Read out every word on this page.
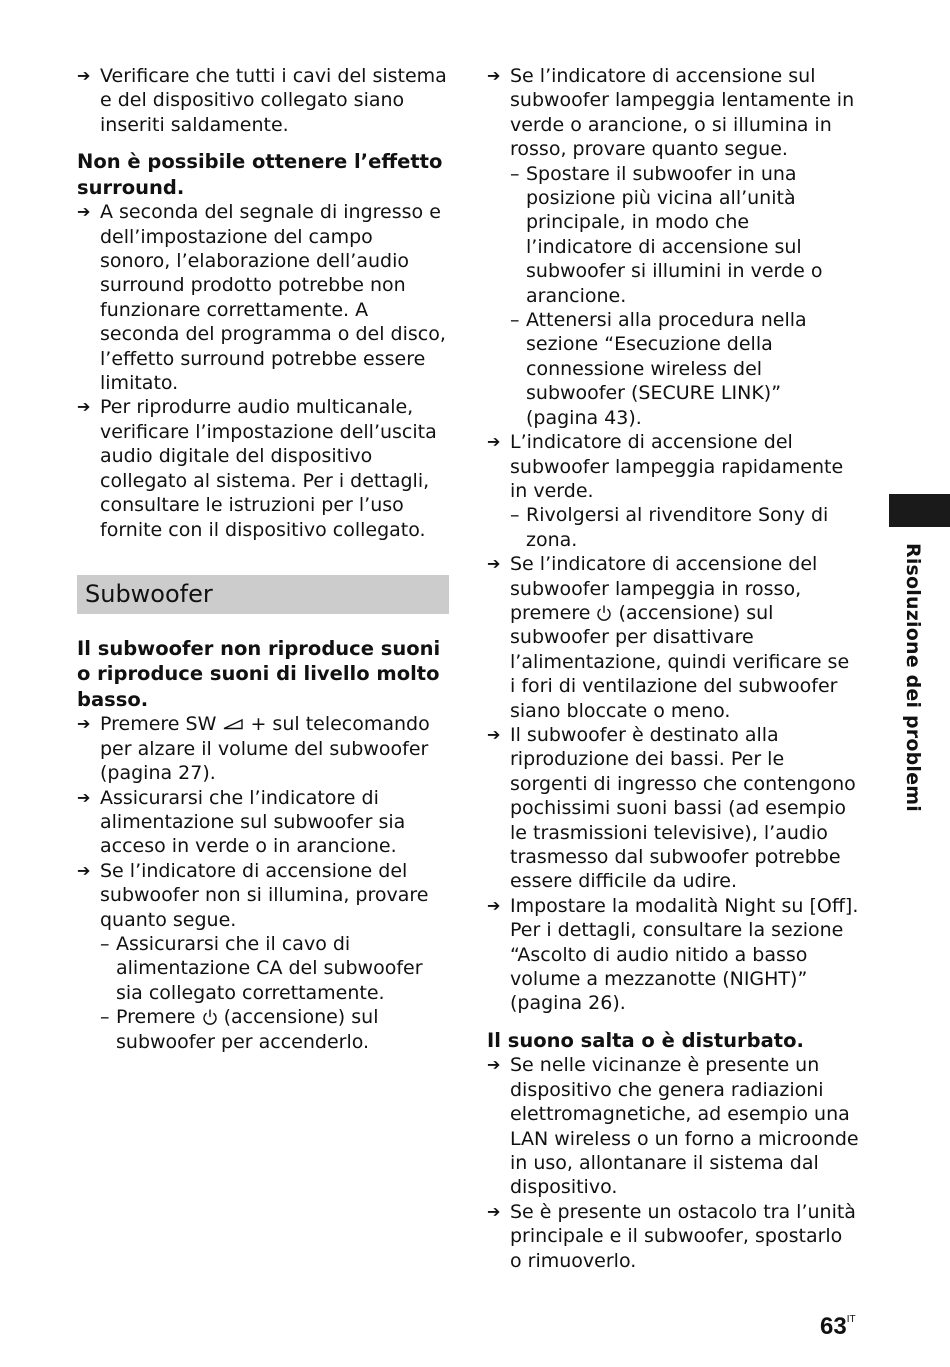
➔ Verificare che tutti i cavi del sistema e del dispositivo collegato siano inseriti saldamente.
Non è possibile ottenere l’effetto surround.
➔ A seconda del segnale di ingresso e dell’impostazione del campo sonoro, l’elaborazione dell’audio surround prodotto potrebbe non funzionare correttamente. A seconda del programma o del disco, l’effetto surround potrebbe essere limitato.
➔ Per riprodurre audio multicanale, verificare l’impostazione dell’uscita audio digitale del dispositivo collegato al sistema. Per i dettagli, consultare le istruzioni per l’uso fornite con il dispositivo collegato.
Subwoofer
Il subwoofer non riproduce suoni o riproduce suoni di livello molto basso.
➔ Premere SW + sul telecomando per alzare il volume del subwoofer (pagina 27).
➔ Assicurarsi che l’indicatore di alimentazione sul subwoofer sia acceso in verde o in arancione.
➔ Se l’indicatore di accensione del subwoofer non si illumina, provare quanto segue.
– Assicurarsi che il cavo di alimentazione CA del subwoofer sia collegato correttamente.
– Premere (accensione) sul subwoofer per accenderlo.
➔ Se l’indicatore di accensione sul subwoofer lampeggia lentamente in verde o arancione, o si illumina in rosso, provare quanto segue.
– Spostare il subwoofer in una posizione più vicina all’unità principale, in modo che l’indicatore di accensione sul subwoofer si illumini in verde o arancione.
– Attenersi alla procedura nella sezione “Esecuzione della connessione wireless del subwoofer (SECURE LINK)” (pagina 43).
➔ L’indicatore di accensione del subwoofer lampeggia rapidamente in verde.
– Rivolgersi al rivenditore Sony di zona.
➔ Se l’indicatore di accensione del subwoofer lampeggia in rosso, premere (accensione) sul subwoofer per disattivare l’alimentazione, quindi verificare se i fori di ventilazione del subwoofer siano bloccate o meno.
➔ Il subwoofer è destinato alla riproduzione dei bassi. Per le sorgenti di ingresso che contengono pochissimi suoni bassi (ad esempio le trasmissioni televisive), l’audio trasmesso dal subwoofer potrebbe essere difficile da udire.
➔ Impostare la modalità Night su [Off]. Per i dettagli, consultare la sezione “Ascolto di audio nitido a basso volume a mezzanotte (NIGHT)” (pagina 26).
Il suono salta o è disturbato.
➔ Se nelle vicinanze è presente un dispositivo che genera radiazioni elettromagnetiche, ad esempio una LAN wireless o un forno a microonde in uso, allontanare il sistema dal dispositivo.
➔ Se è presente un ostacolo tra l’unità principale e il subwoofer, spostarlo o rimuoverlo.
Risoluzione dei problemi
$63^{IT}$
